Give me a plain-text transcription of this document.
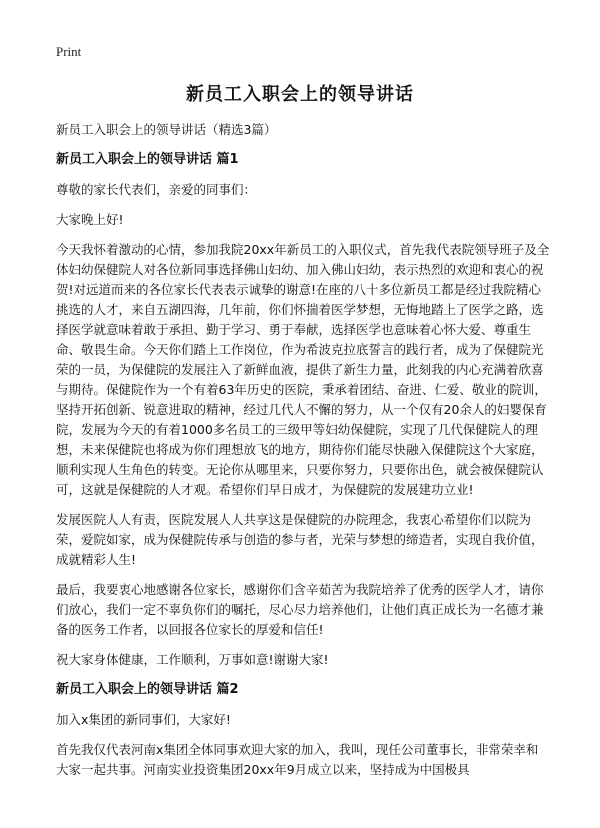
Print
新员工入职会上的领导讲话

新员工入职会上的领导讲话（精选3篇）

新员工入职会上的领导讲话 篇1

尊敬的家长代表们，亲爱的同事们：

大家晚上好!

今天我怀着激动的心情，参加我院20xx年新员工的入职仪式，首先我代表院领导班子及全体妇幼保健院人对各位新同事选择佛山妇幼、加入佛山妇幼，表示热烈的欢迎和衷心的祝贺!对远道而来的各位家长代表表示诚挚的谢意!在座的八十多位新员工都是经过我院精心挑选的人才，来自五湖四海，几年前，你们怀揣着医学梦想，无悔地踏上了医学之路，选择医学就意味着敢于承担、勤于学习、勇于奉献，选择医学也意味着心怀大爱、尊重生命、敬畏生命。今天你们踏上工作岗位，作为希波克拉底誓言的践行者，成为了保健院光荣的一员，为保健院的发展注入了新鲜血液，提供了新生力量，此刻我的内心充满着欣喜与期待。保健院作为一个有着63年历史的医院，秉承着团结、奋进、仁爱、敬业的院训，坚持开拓创新、锐意进取的精神，经过几代人不懈的努力，从一个仅有20余人的妇婴保育院，发展为今天的有着1000多名员工的三级甲等妇幼保健院，实现了几代保健院人的理想，未来保健院也将成为你们理想放飞的地方，期待你们能尽快融入保健院这个大家庭，顺利实现人生角色的转变。无论你从哪里来，只要你努力，只要你出色，就会被保健院认可，这就是保健院的人才观。希望你们早日成才，为保健院的发展建功立业!

发展医院人人有责，医院发展人人共享这是保健院的办院理念，我衷心希望你们以院为荣，爱院如家，成为保健院传承与创造的参与者，光荣与梦想的缔造者，实现自我价值，成就精彩人生!

最后，我要衷心地感谢各位家长，感谢你们含辛茹苦为我院培养了优秀的医学人才，请你们放心，我们一定不辜负你们的嘱托，尽心尽力培养他们，让他们真正成长为一名德才兼备的医务工作者，以回报各位家长的厚爱和信任!

祝大家身体健康，工作顺利，万事如意!谢谢大家!

新员工入职会上的领导讲话 篇2

加入x集团的新同事们，大家好!

首先我仅代表河南x集团全体同事欢迎大家的加入，我叫，现任公司董事长，非常荣幸和大家一起共事。河南实业投资集团20xx年9月成立以来，坚持成为中国极具
